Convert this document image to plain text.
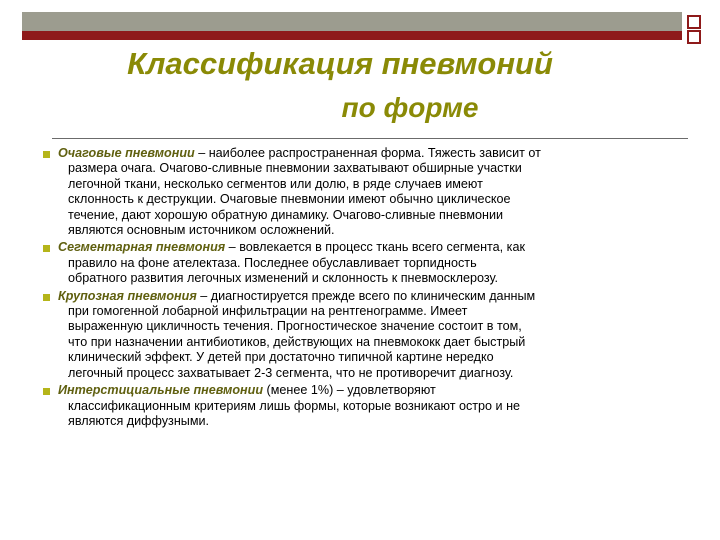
Классификация пневмоний
по форме
Очаговые пневмонии – наиболее распространенная форма. Тяжесть зависит от
размера очага. Очагово-сливные пневмонии захватывают обширные участки
легочной ткани, несколько сегментов или долю, в ряде случаев имеют
склонность к деструкции. Очаговые пневмонии имеют обычно циклическое
течение, дают хорошую обратную динамику. Очагово-сливные пневмонии
являются основным источником осложнений.
Сегментарная пневмония – вовлекается в процесс ткань всего сегмента, как
правило на фоне ателектаза. Последнее обуславливает торпидность
обратного развития легочных изменений и склонность к пневмосклерозу.
Крупозная пневмония – диагностируется прежде всего по клиническим данным
при гомогенной лобарной инфильтрации на рентгенограмме. Имеет
выраженную цикличность течения. Прогностическое значение состоит в том,
что при назначении антибиотиков, действующих на пневмококк дает быстрый
клинический эффект. У детей при достаточно типичной картине нередко
легочный процесс захватывает 2-3 сегмента, что не противоречит диагнозу.
Интерстициальные пневмонии (менее 1%) – удовлетворяют
классификационным критериям лишь формы, которые возникают остро и не
являются диффузными.
